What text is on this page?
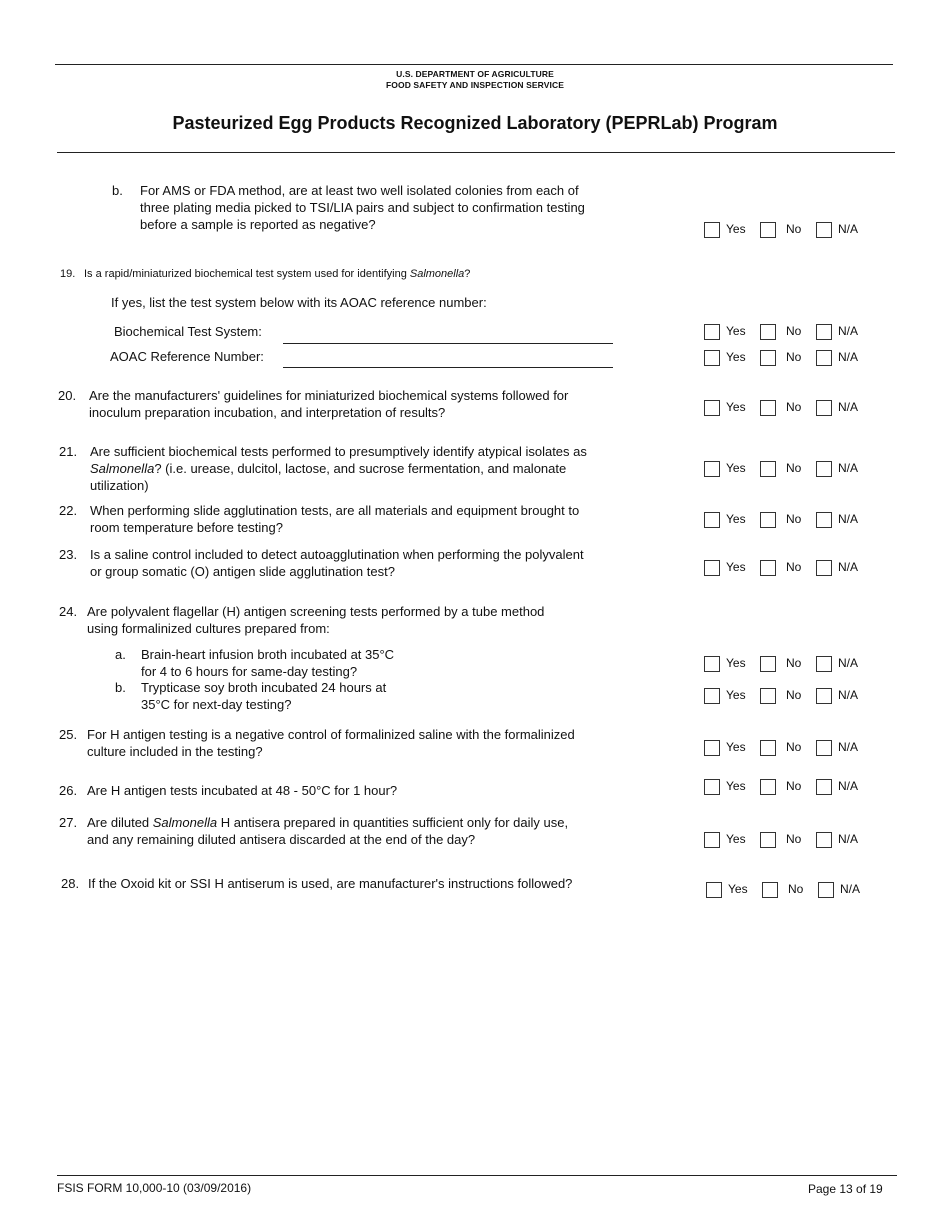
U.S. DEPARTMENT OF AGRICULTURE
FOOD SAFETY AND INSPECTION SERVICE
Pasteurized Egg Products Recognized Laboratory (PEPRLab) Program
b. For AMS or FDA method, are at least two well isolated colonies from each of
three plating media picked to TSI/LIA pairs and subject to confirmation testing
before a sample is reported as negative?	Yes	No	N/A
19. Is a rapid/miniaturized biochemical test system used for identifying Salmonella?
If yes, list the test system below with its AOAC reference number:
Biochemical Test System:	Yes	No	N/A
AOAC Reference Number:	Yes	No	N/A
20. Are the manufacturers' guidelines for miniaturized biochemical systems followed for
inoculum preparation incubation, and interpretation of results?	Yes	No	N/A
21. Are sufficient biochemical tests performed to presumptively identify atypical isolates as
Salmonella? (i.e. urease, dulcitol, lactose, and sucrose fermentation, and malonate
utilization)
Yes	No	N/A
22. When performing slide agglutination tests, are all materials and equipment brought to
room temperature before testing?
Yes	No	N/A
23. Is a saline control included to detect autoagglutination when performing the polyvalent
or group somatic (O) antigen slide agglutination test?	Yes	No	N/A
24. Are polyvalent flagellar (H) antigen screening tests performed by a tube method
using formalinized cultures prepared from:
a. Brain-heart infusion broth incubated at 35°C
for 4 to 6 hours for same-day testing?
Yes	No	N/A
b. Trypticase soy broth incubated 24 hours at
35°C for next-day testing?
Yes	No	N/A
25. For H antigen testing is a negative control of formalinized saline with the formalinized
culture included in the testing?	Yes	No	N/A
26. Are H antigen tests incubated at 48 - 50°C for 1 hour?	Yes	No	N/A
27. Are diluted Salmonella H antisera prepared in quantities sufficient only for daily use,
and any remaining diluted antisera discarded at the end of the day?	Yes	No	N/A
28. If the Oxoid kit or SSI H antiserum is used, are manufacturer's instructions followed?	Yes	No	N/A
FSIS FORM 10,000-10 (03/09/2016)	Page 13 of 19
